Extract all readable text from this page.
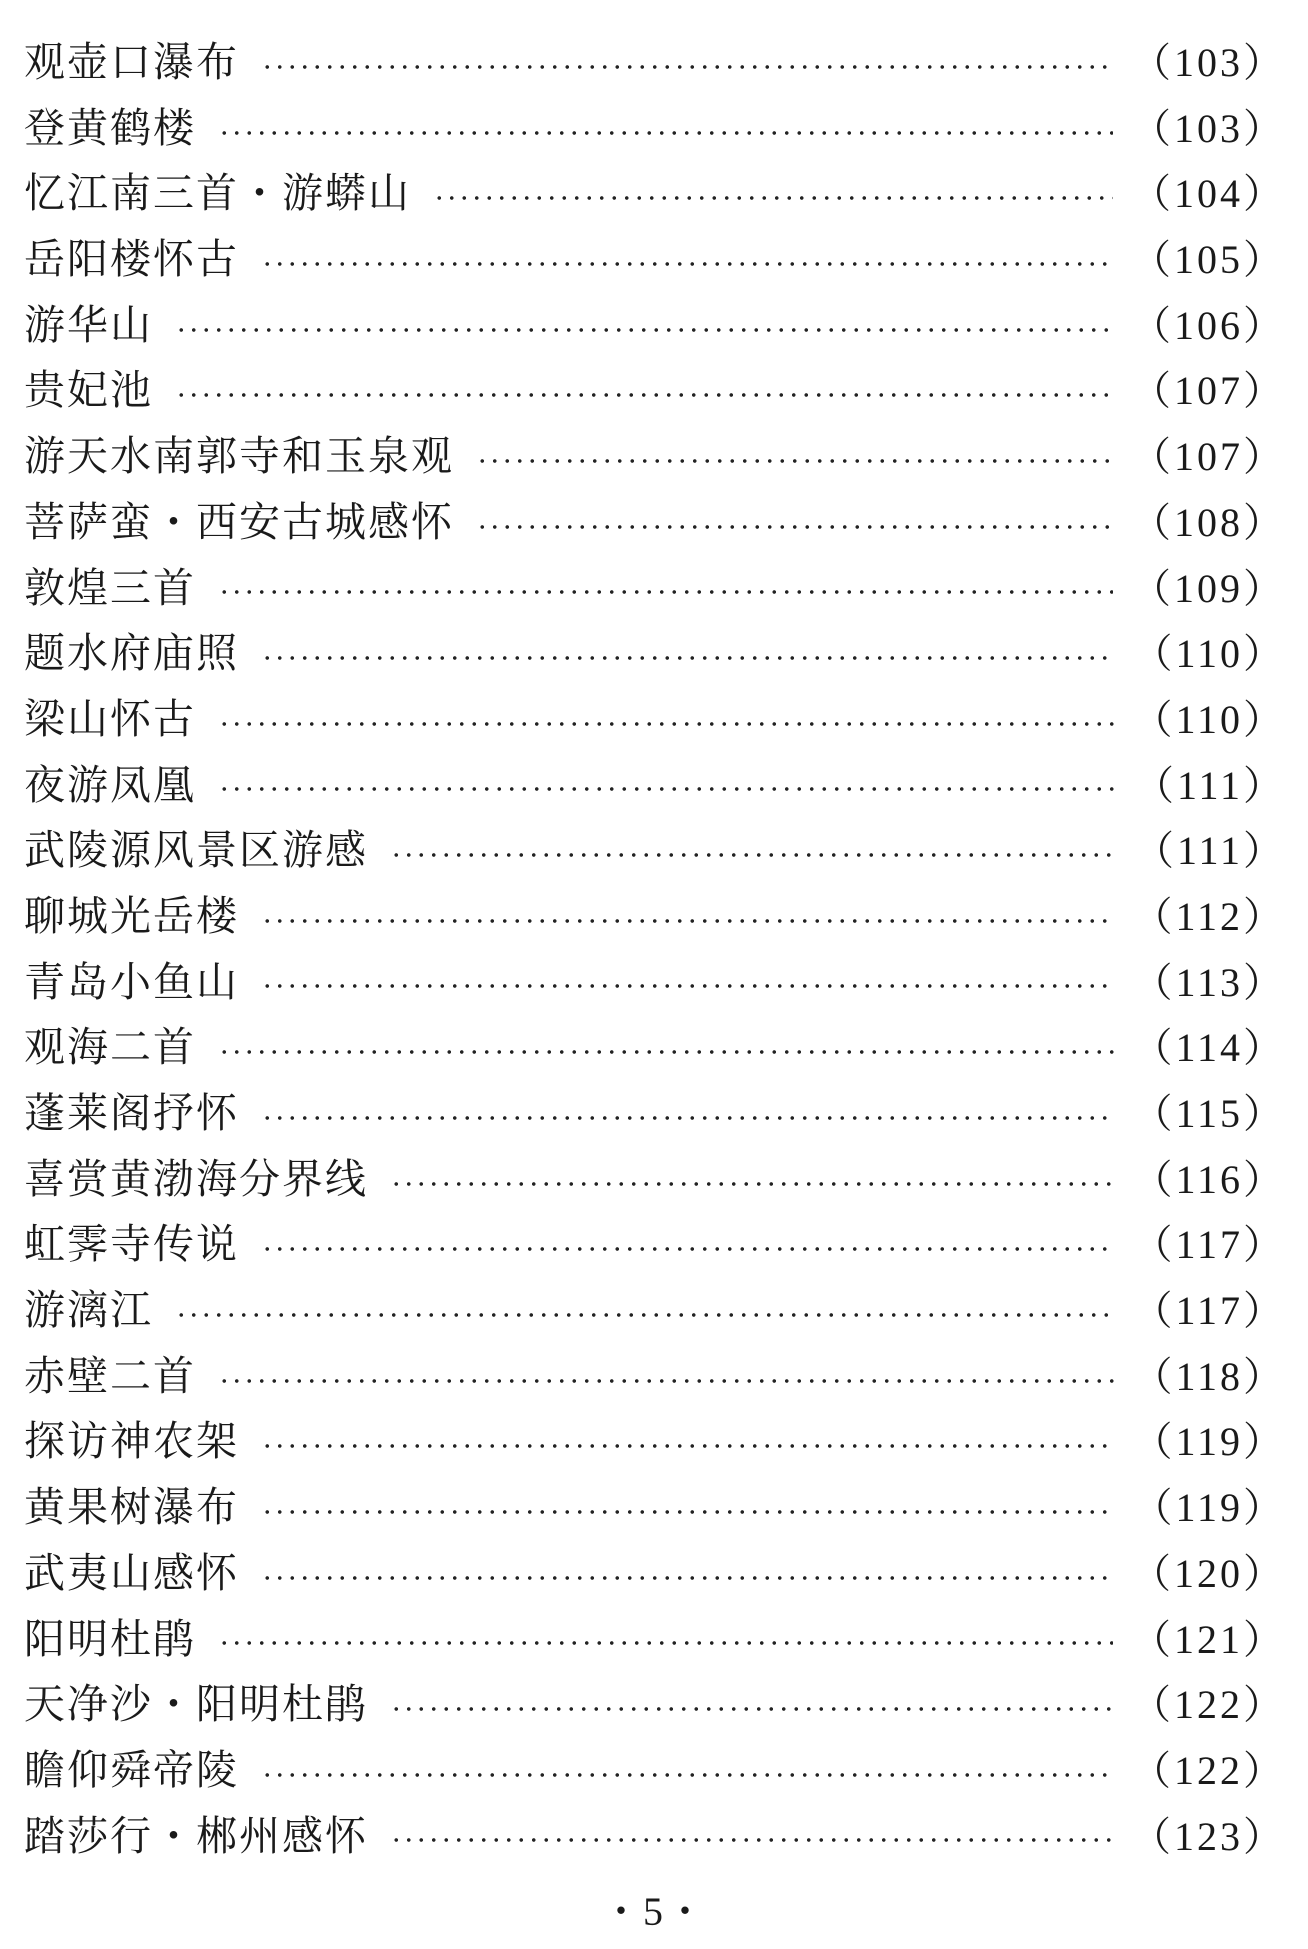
观壶口瀑布	（103）
登黄鹤楼	（103）
忆江南三首・游蟒山	（104）
岳阳楼怀古	（105）
游华山	（106）
贵妃池	（107）
游天水南郭寺和玉泉观	（107）
菩萨蛮・西安古城感怀	（108）
敦煌三首	（109）
题水府庙照	（110）
梁山怀古	（110）
夜游凤凰	（111）
武陵源风景区游感	（111）
聊城光岳楼	（112）
青岛小鱼山	（113）
观海二首	（114）
蓬莱阁抒怀	（115）
喜赏黄渤海分界线	（116）
虹霁寺传说	（117）
游漓江	（117）
赤壁二首	（118）
探访神农架	（119）
黄果树瀑布	（119）
武夷山感怀	（120）
阳明杜鹃	（121）
天净沙・阳明杜鹃	（122）
瞻仰舜帝陵	（122）
踏莎行・郴州感怀	（123）
・5・
